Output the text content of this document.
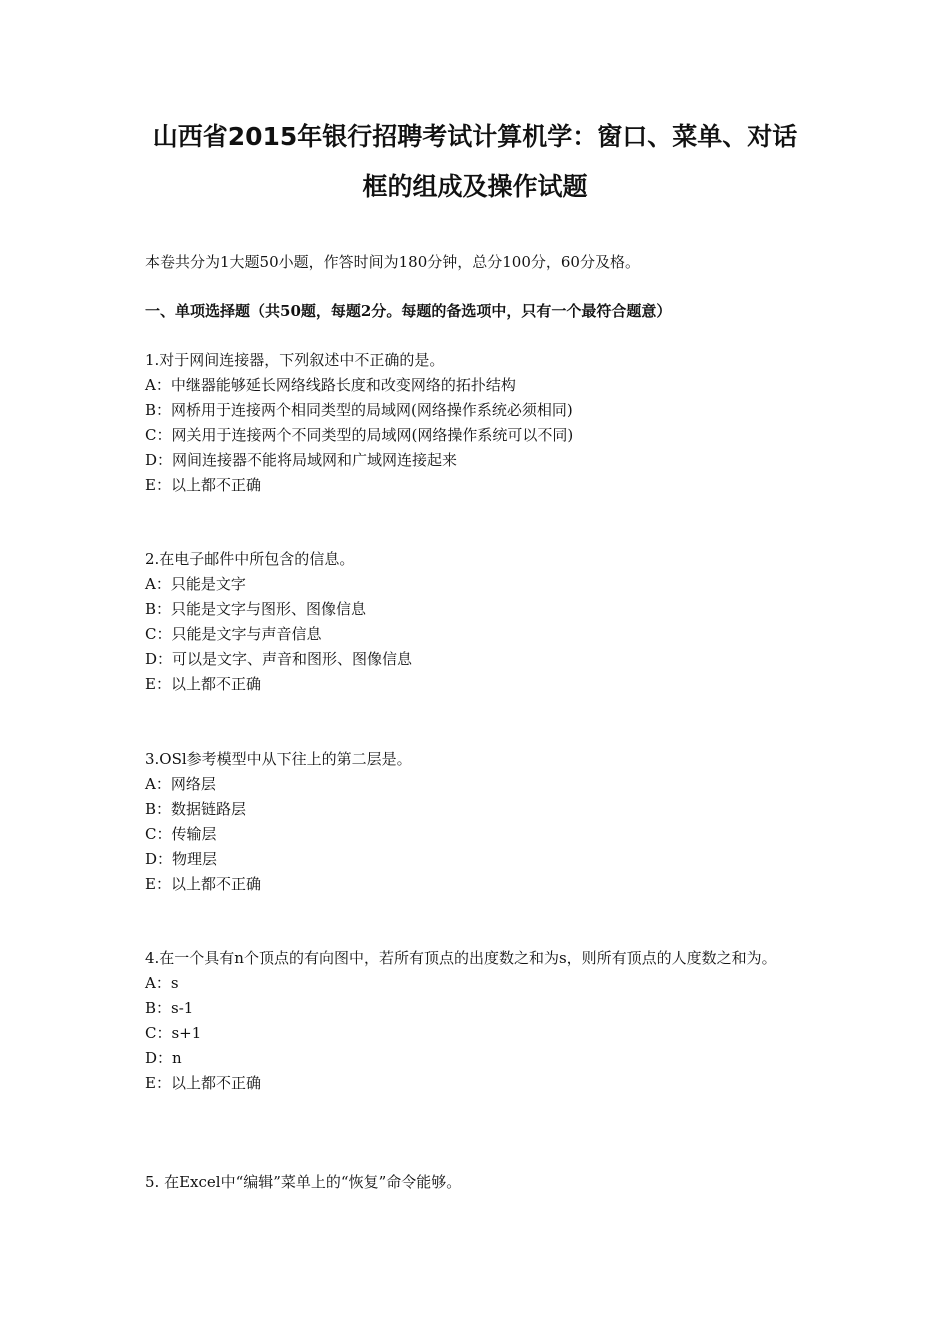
山西省2015年银行招聘考试计算机学：窗口、菜单、对话
框的组成及操作试题
本卷共分为1大题50小题，作答时间为180分钟，总分100分，60分及格。
一、单项选择题（共50题，每题2分。每题的备选项中，只有一个最符合题意）
1.对于网间连接器，下列叙述中不正确的是。
A：中继器能够延长网络线路长度和改变网络的拓扑结构
B：网桥用于连接两个相同类型的局域网(网络操作系统必须相同)
C：网关用于连接两个不同类型的局域网(网络操作系统可以不同)
D：网间连接器不能将局域网和广域网连接起来
E：以上都不正确
2.在电子邮件中所包含的信息。
A：只能是文字
B：只能是文字与图形、图像信息
C：只能是文字与声音信息
D：可以是文字、声音和图形、图像信息
E：以上都不正确
3.OSl参考模型中从下往上的第二层是。
A：网络层
B：数据链路层
C：传输层
D：物理层
E：以上都不正确
4.在一个具有n个顶点的有向图中，若所有顶点的出度数之和为s，则所有顶点的人度数之和为。
A：s
B：s-1
C：s+1
D：n
E：以上都不正确
5. 在Excel中“编辑”菜单上的“恢复”命令能够。
